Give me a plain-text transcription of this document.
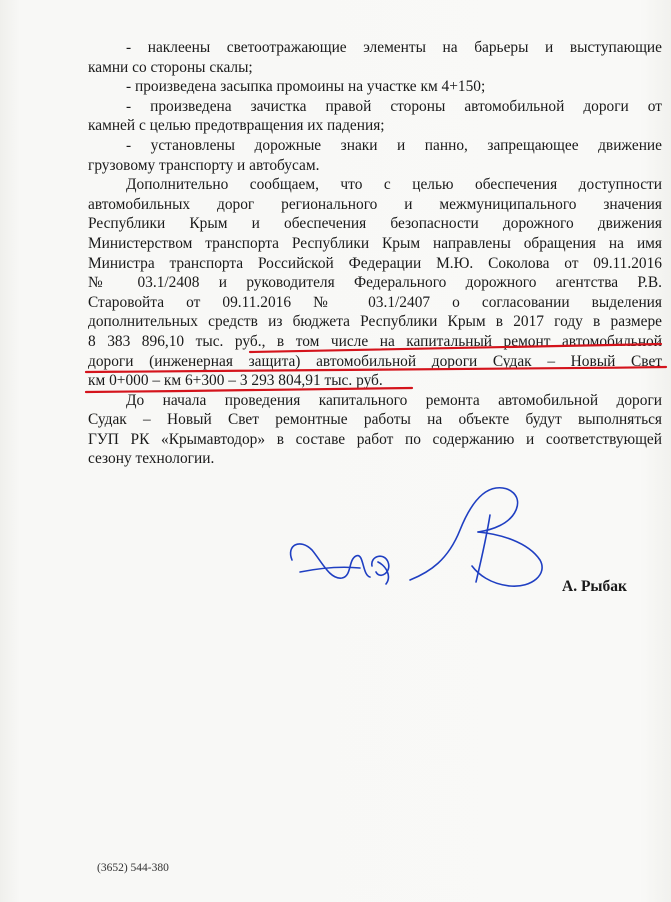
- наклеены светоотражающие элементы на барьеры и выступающие
камни со стороны скалы;
- произведена засыпка промоины на участке км 4+150;
- произведена зачистка правой стороны автомобильной дороги от
камней с целью предотвращения их падения;
- установлены дорожные знаки и панно, запрещающее движение
грузовому транспорту и автобусам.
Дополнительно сообщаем, что с целью обеспечения доступности
автомобильных дорог регионального и межмуниципального значения
Республики Крым и обеспечения безопасности дорожного движения
Министерством транспорта Республики Крым направлены обращения на имя
Министра транспорта Российской Федерации М.Ю. Соколова от 09.11.2016
№ 03.1/2408 и руководителя Федерального дорожного агентства Р.В.
Старовойта от 09.11.2016 № 03.1/2407 о согласовании выделения
дополнительных средств из бюджета Республики Крым в 2017 году в размере
8 383 896,10 тыс. руб., в том числе на капитальный ремонт автомобильной
дороги (инженерная защита) автомобильной дороги Судак – Новый Свет
км 0+000 – км 6+300 – 3 293 804,91 тыс. руб.
До начала проведения капитального ремонта автомобильной дороги
Судак – Новый Свет ремонтные работы на объекте будут выполняться
ГУП РК «Крымавтодор» в составе работ по содержанию и соответствующей
сезону технологии.
А. Рыбак
(3652) 544-380
